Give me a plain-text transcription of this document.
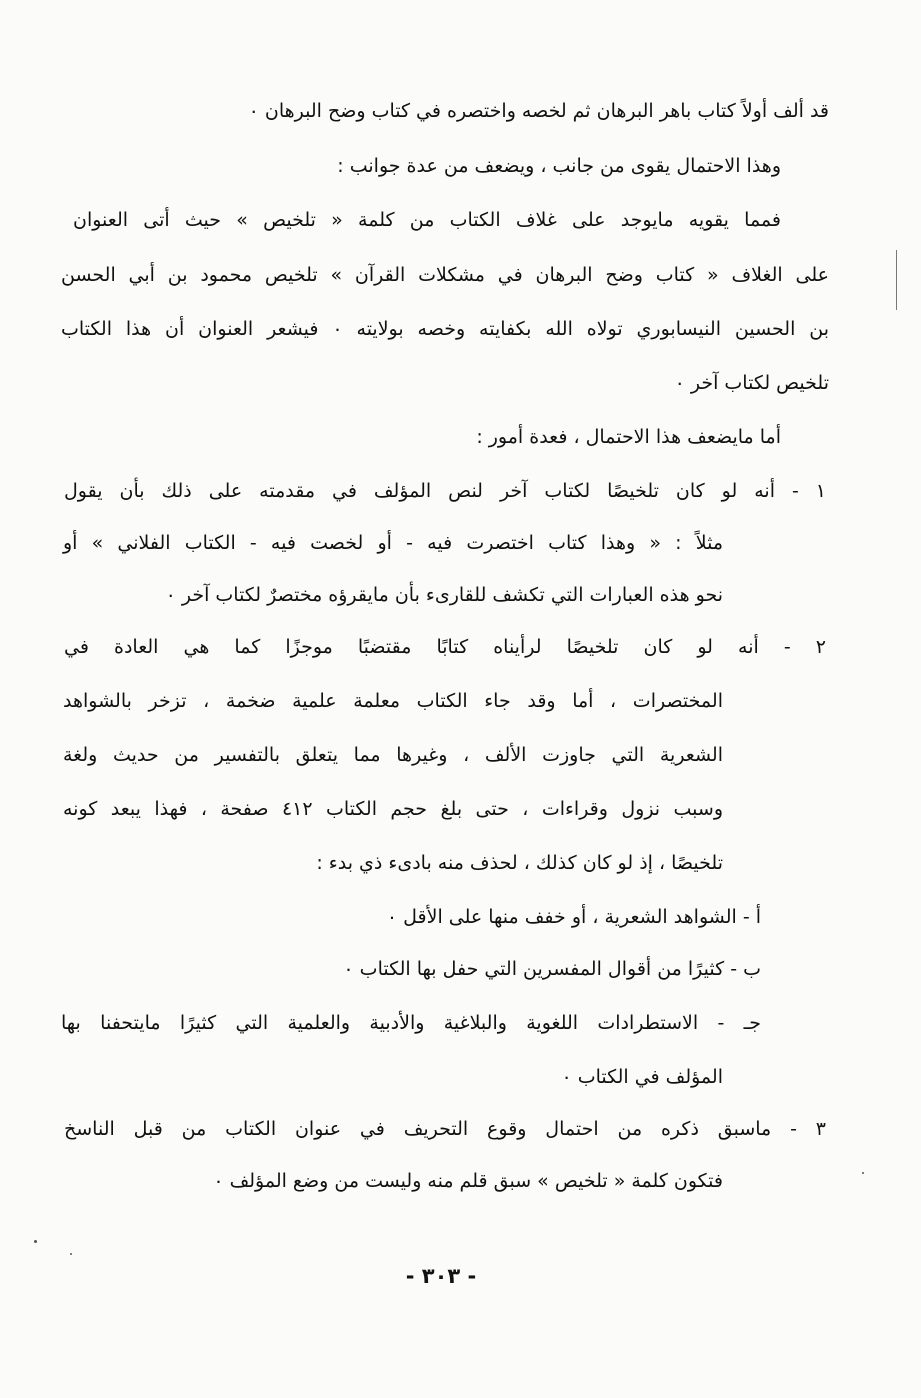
قد ألف أولاً كتاب باهر البرهان ثم لخصه واختصره في كتاب وضح البرهان ٠
وهذا الاحتمال يقوى من جانب ، ويضعف من عدة جوانب :
فمما يقويه مايوجد على غلاف الكتاب من كلمة « تلخيص » حيث أتى العنوان
على الغلاف « كتاب وضح البرهان في مشكلات القرآن » تلخيص محمود بن أبي الحسن
بن الحسين النيسابوري تولاه الله بكفايته وخصه بولايته ٠ فيشعر العنوان أن هذا الكتاب
تلخيص لكتاب آخر ٠
أما مايضعف هذا الاحتمال ، فعدة أمور :
١ - أنه لو كان تلخيصًا لكتاب آخر لنص المؤلف في مقدمته على ذلك بأن يقول
مثلاً : « وهذا كتاب اختصرت فيه - أو لخصت فيه - الكتاب الفلاني » أو
نحو هذه العبارات التي تكشف للقارىء بأن مايقرؤه مختصرٌ لكتاب آخر ٠
٢ - أنه لو كان تلخيصًا لرأيناه كتابًا مقتضبًا موجزًا كما هي العادة في
المختصرات ، أما وقد جاء الكتاب معلمة علمية ضخمة ، تزخر بالشواهد
الشعرية التي جاوزت الألف ، وغيرها مما يتعلق بالتفسير من حديث ولغة
وسبب نزول وقراءات ، حتى بلغ حجم الكتاب ٤١٢ صفحة ، فهذا يبعد كونه
تلخيصًا ، إذ لو كان كذلك ، لحذف منه بادىء ذي بدء :
أ - الشواهد الشعرية ، أو خفف منها على الأقل ٠
ب - كثيرًا من أقوال المفسرين التي حفل بها الكتاب ٠
جـ - الاستطرادات اللغوية والبلاغية والأدبية والعلمية التي كثيرًا مايتحفنا بها
المؤلف في الكتاب ٠
٣ - ماسبق ذكره من احتمال وقوع التحريف في عنوان الكتاب من قبل الناسخ
فتكون كلمة « تلخيص » سبق قلم منه وليست من وضع المؤلف ٠
- ٣٠٣ -
